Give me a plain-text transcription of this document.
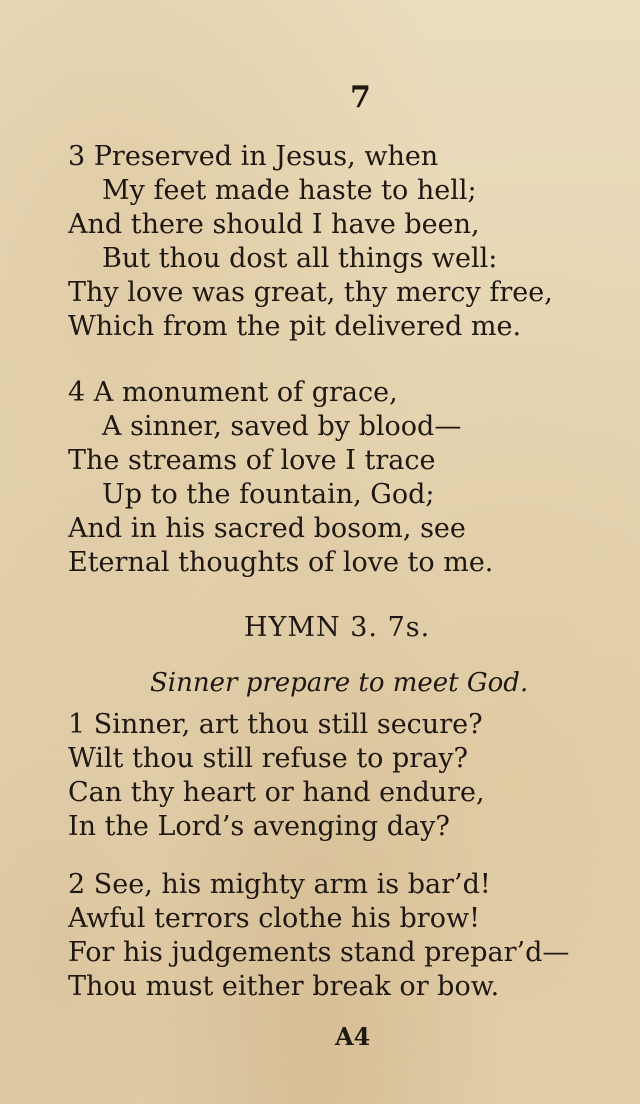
7
3 Preserved in Jesus, when
My feet made haste to hell;
And there should I have been,
But thou dost all things well:
Thy love was great, thy mercy free,
Which from the pit delivered me.
4 A monument of grace,
A sinner, saved by blood—
The streams of love I trace
Up to the fountain, God;
And in his sacred bosom, see
Eternal thoughts of love to me.
HYMN 3. 7s.
Sinner prepare to meet God.
1 Sinner, art thou still secure?
Wilt thou still refuse to pray?
Can thy heart or hand endure,
In the Lord’s avenging day?
2 See, his mighty arm is bar’d!
Awful terrors clothe his brow!
For his judgements stand prepar’d—
Thou must either break or bow.
A4
